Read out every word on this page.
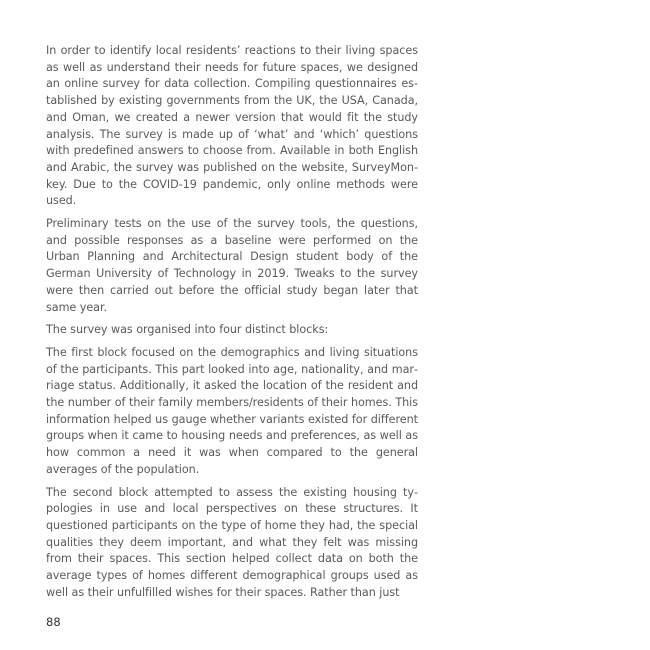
In order to identify local residents’ reactions to their living spaces as well as understand their needs for future spaces, we designed an online survey for data collection. Compiling questionnaires established by existing governments from the UK, the USA, Canada, and Oman, we created a newer version that would fit the study analysis. The survey is made up of ‘what’ and ‘which’ questions with predefined answers to choose from. Available in both English and Arabic, the survey was published on the website, SurveyMonkey. Due to the COVID-19 pandemic, only online methods were used.

Preliminary tests on the use of the survey tools, the questions, and possible responses as a baseline were performed on the Urban Planning and Architectural Design student body of the German University of Technology in 2019. Tweaks to the survey were then carried out before the official study began later that same year.

The survey was organised into four distinct blocks:

The first block focused on the demographics and living situations of the participants. This part looked into age, nationality, and marriage status. Additionally, it asked the location of the resident and the number of their family members/residents of their homes. This information helped us gauge whether variants existed for different groups when it came to housing needs and preferences, as well as how common a need it was when compared to the general averages of the population.

The second block attempted to assess the existing housing typologies in use and local perspectives on these structures. It questioned participants on the type of home they had, the special qualities they deem important, and what they felt was missing from their spaces. This section helped collect data on both the average types of homes different demographical groups used as well as their unfulfilled wishes for their spaces. Rather than just

88
